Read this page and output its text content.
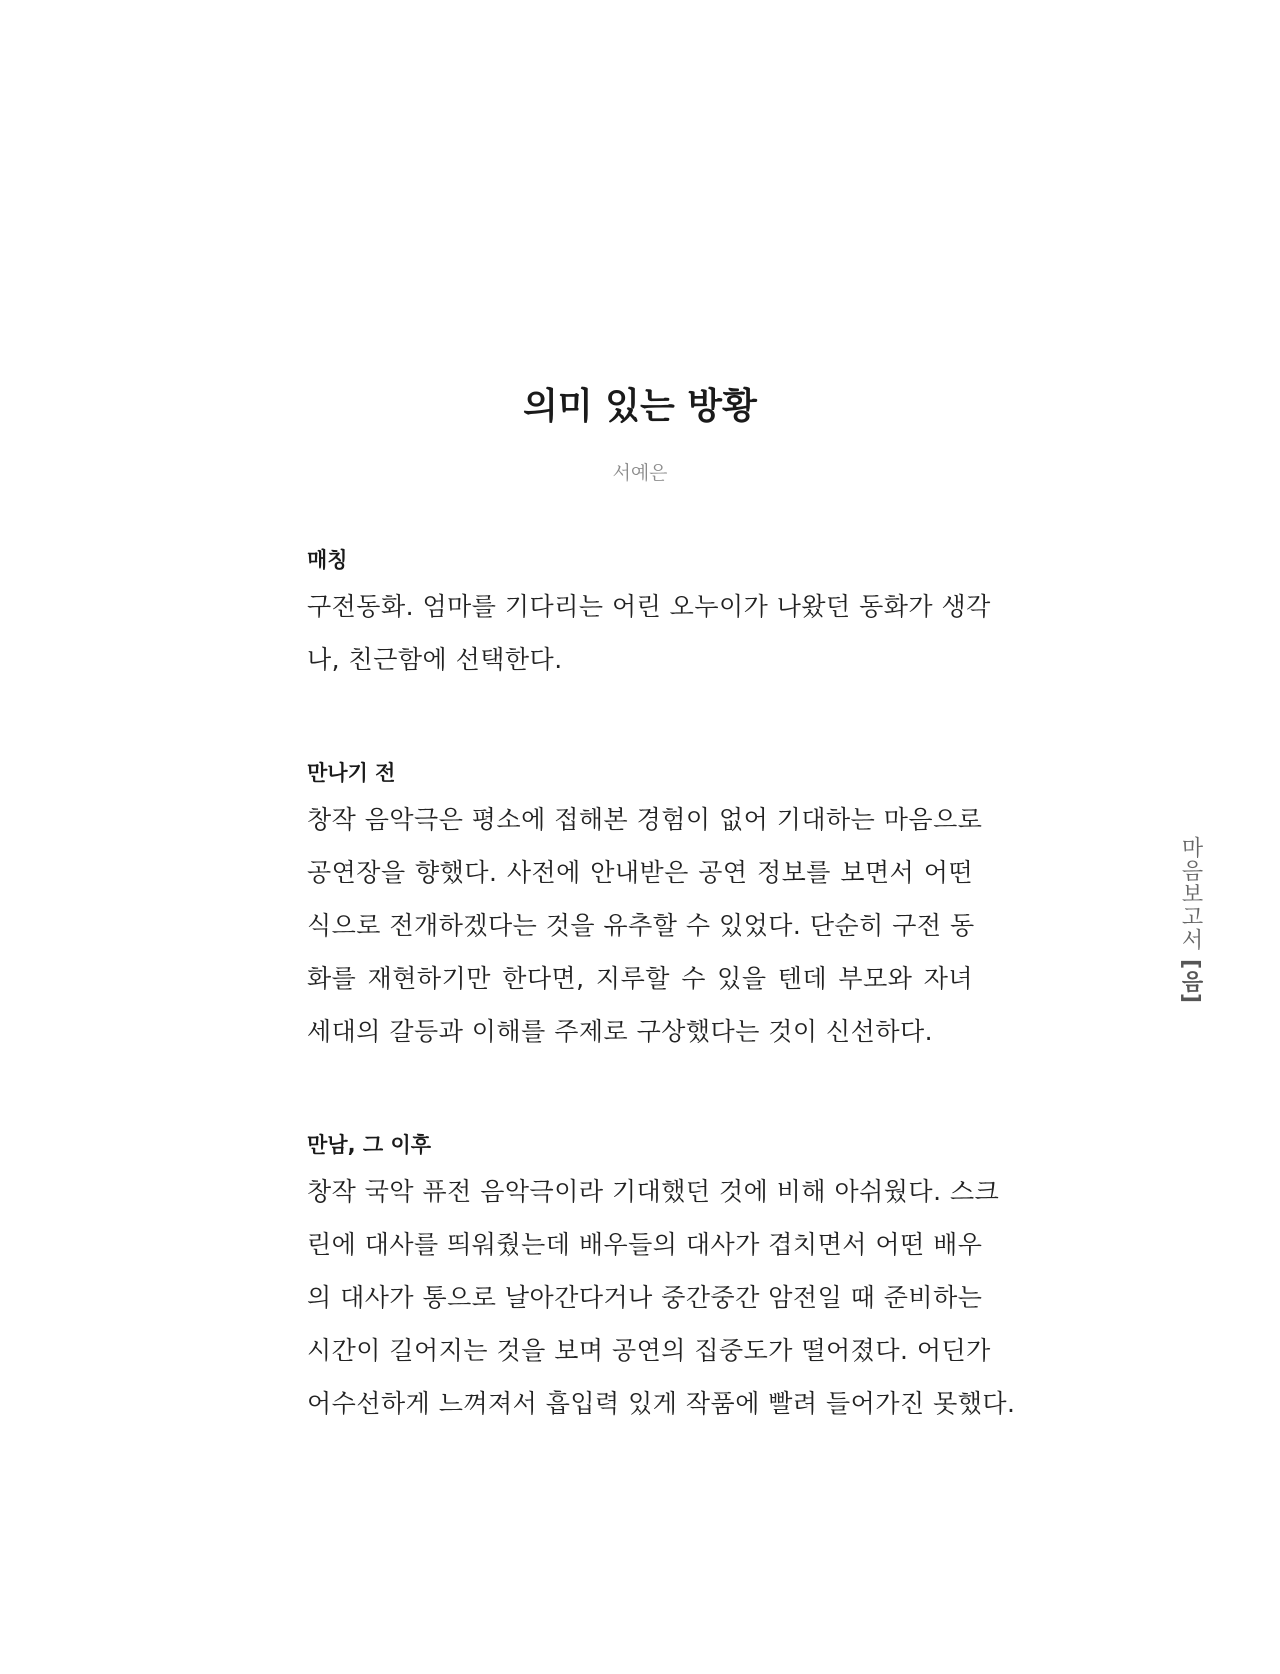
의미 있는 방황
서예은
매칭
구전동화. 엄마를 기다리는 어린 오누이가 나왔던 동화가 생각
나, 친근함에 선택한다.
만나기 전
창작 음악극은 평소에 접해본 경험이 없어 기대하는 마음으로
공연장을 향했다. 사전에 안내받은 공연 정보를 보면서 어떤
식으로 전개하겠다는 것을 유추할 수 있었다. 단순히 구전 동
화를 재현하기만 한다면, 지루할 수 있을 텐데 부모와 자녀
세대의 갈등과 이해를 주제로 구상했다는 것이 신선하다.
만남, 그 이후
창작 국악 퓨전 음악극이라 기대했던 것에 비해 아쉬웠다. 스크
린에 대사를 띄워줬는데 배우들의 대사가 겹치면서 어떤 배우
의 대사가 통으로 날아간다거나 중간중간 암전일 때 준비하는
시간이 길어지는 것을 보며 공연의 집중도가 떨어졌다. 어딘가
어수선하게 느껴져서 흡입력 있게 작품에 빨려 들어가진 못했다.
마음보고서 [음]
